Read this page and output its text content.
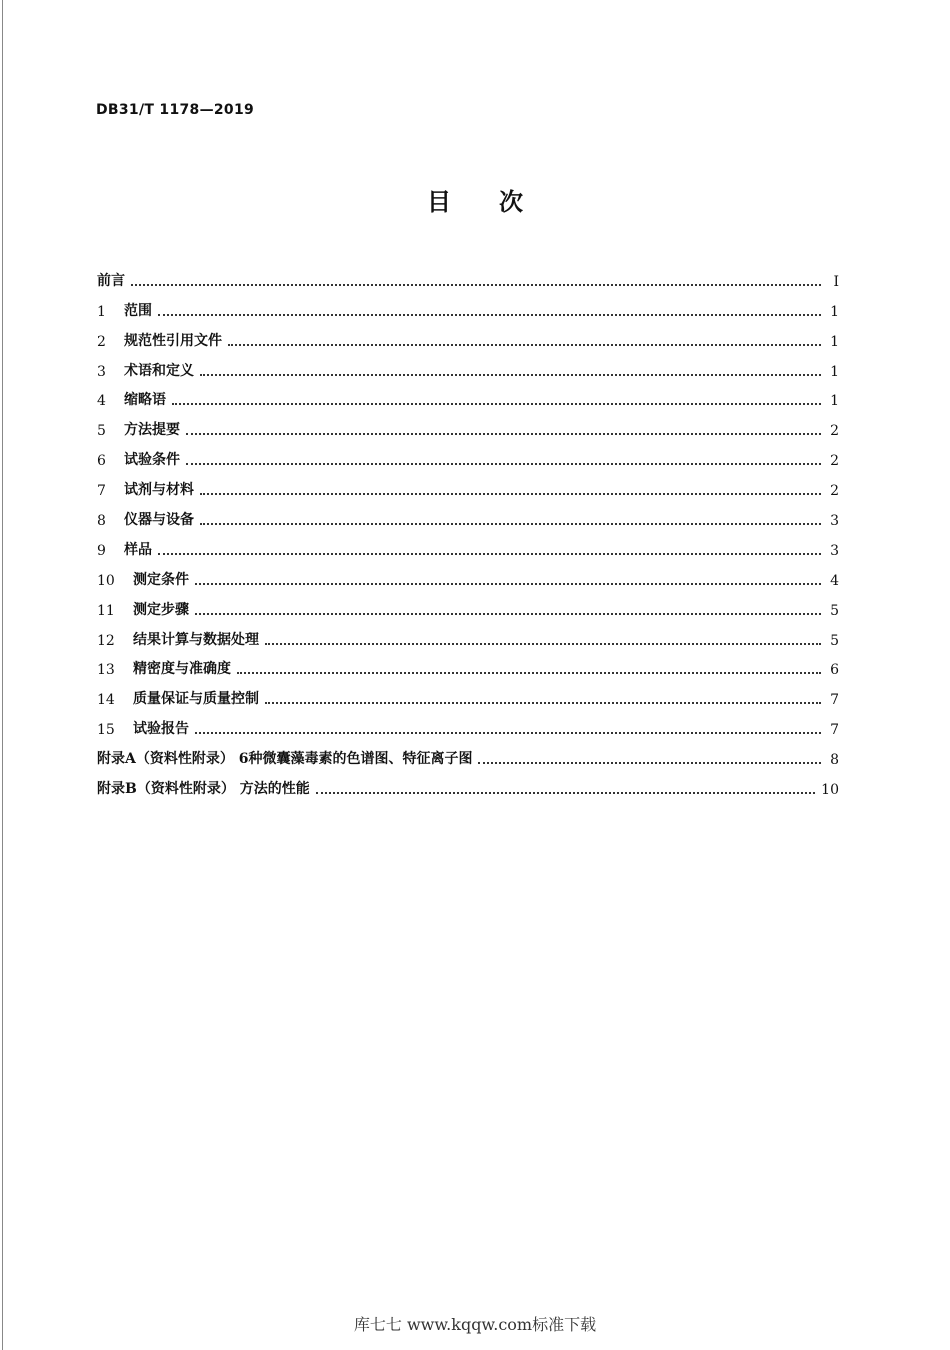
DB31/T 1178—2019
目次
前言	I
1	范围	1
2	规范性引用文件	1
3	术语和定义	1
4	缩略语	1
5	方法提要	2
6	试验条件	2
7	试剂与材料	2
8	仪器与设备	3
9	样品	3
10	测定条件	4
11	测定步骤	5
12	结果计算与数据处理	5
13	精密度与准确度	6
14	质量保证与质量控制	7
15	试验报告	7
附录A（资料性附录） 6种微囊藻毒素的色谱图、特征离子图	8
附录B（资料性附录） 方法的性能	10
库七七 www.kqqw.com标准下载
